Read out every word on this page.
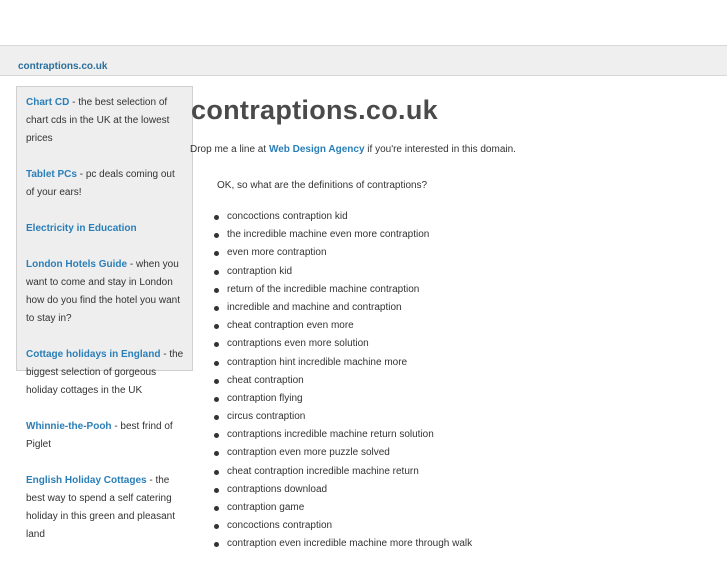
contraptions.co.uk
Chart CD - the best selection of chart cds in the UK at the lowest prices
Tablet PCs - pc deals coming out of your ears!
Electricity in Education
London Hotels Guide - when you want to come and stay in London how do you find the hotel you want to stay in?
Cottage holidays in England - the biggest selection of gorgeous holiday cottages in the UK
Whinnie-the-Pooh - best frind of Piglet
English Holiday Cottages - the best way to spend a self catering holiday in this green and pleasant land
contraptions.co.uk
Drop me a line at Web Design Agency if you're interested in this domain.
OK, so what are the definitions of contraptions?
concoctions contraption kid
the incredible machine even more contraption
even more contraption
contraption kid
return of the incredible machine contraption
incredible and machine and contraption
cheat contraption even more
contraptions even more solution
contraption hint incredible machine more
cheat contraption
contraption flying
circus contraption
contraptions incredible machine return solution
contraption even more puzzle solved
cheat contraption incredible machine return
contraptions download
contraption game
concoctions contraption
contraption even incredible machine more through walk
